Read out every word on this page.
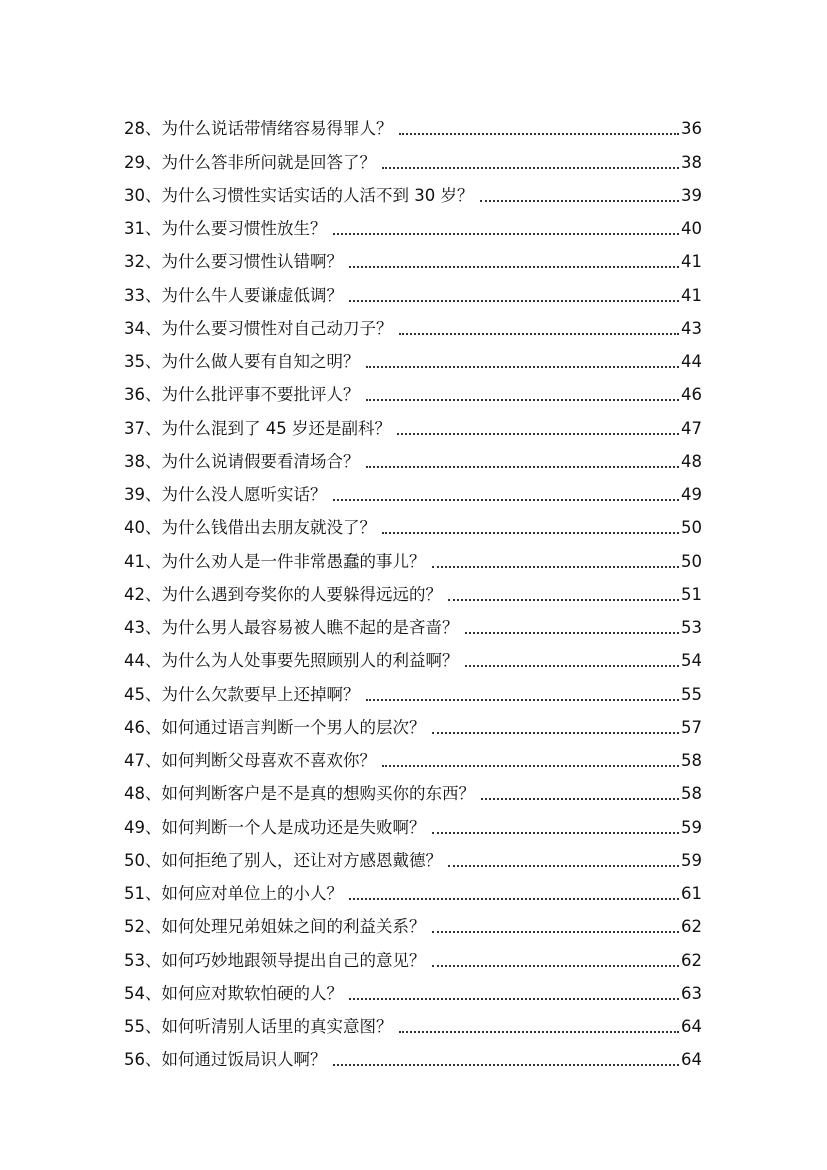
28、 为什么说话带情绪容易得罪人？	36
29、 为什么答非所问就是回答了？	38
30、 为什么习惯性实话实话的人活不到 30 岁？	39
31、 为什么要习惯性放生？	40
32、 为什么要习惯性认错啊？	41
33、 为什么牛人要谦虚低调？	41
34、 为什么要习惯性对自己动刀子？	43
35、 为什么做人要有自知之明？	44
36、 为什么批评事不要批评人？	46
37、 为什么混到了 45 岁还是副科？	47
38、 为什么说请假要看清场合？	48
39、 为什么没人愿听实话？	49
40、 为什么钱借出去朋友就没了？	50
41、 为什么劝人是一件非常愚蠢的事儿？	50
42、 为什么遇到夸奖你的人要躲得远远的？	51
43、 为什么男人最容易被人瞧不起的是吝啬？	53
44、 为什么为人处事要先照顾别人的利益啊？	54
45、 为什么欠款要早上还掉啊？	55
46、 如何通过语言判断一个男人的层次？	57
47、 如何判断父母喜欢不喜欢你？	58
48、 如何判断客户是不是真的想购买你的东西？	58
49、 如何判断一个人是成功还是失败啊？	59
50、 如何拒绝了别人，还让对方感恩戴德？	59
51、 如何应对单位上的小人？	61
52、 如何处理兄弟姐妹之间的利益关系？	62
53、 如何巧妙地跟领导提出自己的意见？	62
54、 如何应对欺软怕硬的人？	63
55、 如何听清别人话里的真实意图？	64
56、 如何通过饭局识人啊？	64
